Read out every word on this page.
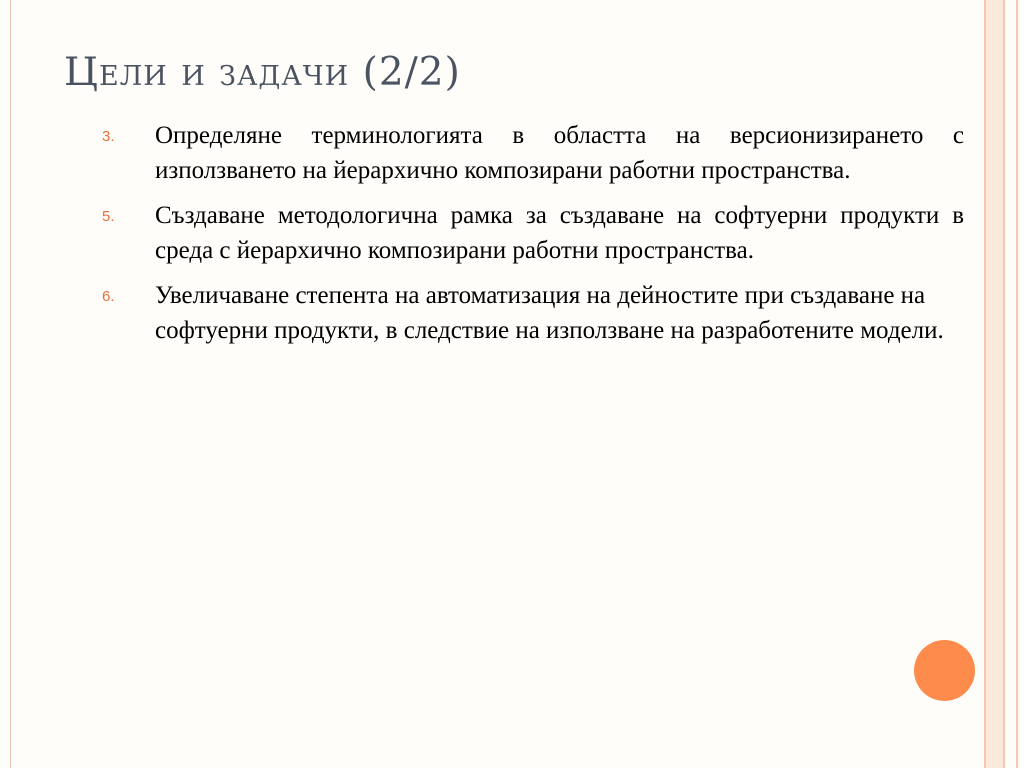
Цели и задачи (2/2)
3. Определяне терминологията в областта на версионизирането с използването на йерархично композирани работни пространства.
5. Създаване методологична рамка за създаване на софтуерни продукти в среда с йерархично композирани работни пространства.
6. Увеличаване степента на автоматизация на дейностите при създаване на софтуерни продукти, в следствие на използване на разработените модели.
